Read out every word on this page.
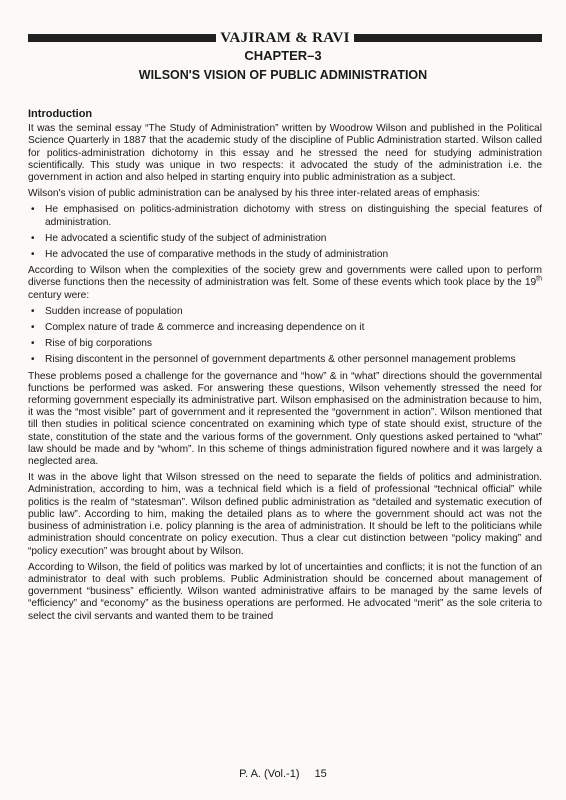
VAJIRAM & RAVI
CHAPTER–3
WILSON'S VISION OF PUBLIC ADMINISTRATION
Introduction

It was the seminal essay “The Study of Administration” written by Woodrow Wilson and published in the Political Science Quarterly in 1887 that the academic study of the discipline of Public Administration started. Wilson called for politics-administration dichotomy in this essay and he stressed the need for studying administration scientifically. This study was unique in two respects: it advocated the study of the administration i.e. the government in action and also helped in starting enquiry into public administration as a subject.

Wilson's vision of public administration can be analysed by his three inter-related areas of emphasis:

• He emphasised on politics-administration dichotomy with stress on distinguishing the special features of administration.
• He advocated a scientific study of the subject of administration
• He advocated the use of comparative methods in the study of administration

According to Wilson when the complexities of the society grew and governments were called upon to perform diverse functions then the necessity of administration was felt. Some of these events which took place by the 19th century were:

• Sudden increase of population
• Complex nature of trade & commerce and increasing dependence on it
• Rise of big corporations
• Rising discontent in the personnel of government departments & other personnel management problems

These problems posed a challenge for the governance and “how” & in “what” directions should the governmental functions be performed was asked. For answering these questions, Wilson vehemently stressed the need for reforming government especially its administrative part. Wilson emphasised on the administration because to him, it was the “most visible” part of government and it represented the “government in action”. Wilson mentioned that till then studies in political science concentrated on examining which type of state should exist, structure of the state, constitution of the state and the various forms of the government. Only questions asked pertained to “what” law should be made and by “whom”. In this scheme of things administration figured nowhere and it was largely a neglected area.

It was in the above light that Wilson stressed on the need to separate the fields of politics and administration. Administration, according to him, was a technical field which is a field of professional “technical official” while politics is the realm of “statesman”. Wilson defined public administration as “detailed and systematic execution of public law”. According to him, making the detailed plans as to where the government should act was not the business of administration i.e. policy planning is the area of administration. It should be left to the politicians while administration should concentrate on policy execution. Thus a clear cut distinction between “policy making” and “policy execution” was brought about by Wilson.

According to Wilson, the field of politics was marked by lot of uncertainties and conflicts; it is not the function of an administrator to deal with such problems. Public Administration should be concerned about management of government “business” efficiently. Wilson wanted administrative affairs to be managed by the same levels of “efficiency” and “economy” as the business operations are performed. He advocated “merit” as the sole criteria to select the civil servants and wanted them to be trained

P. A. (Vol.-1) 15
